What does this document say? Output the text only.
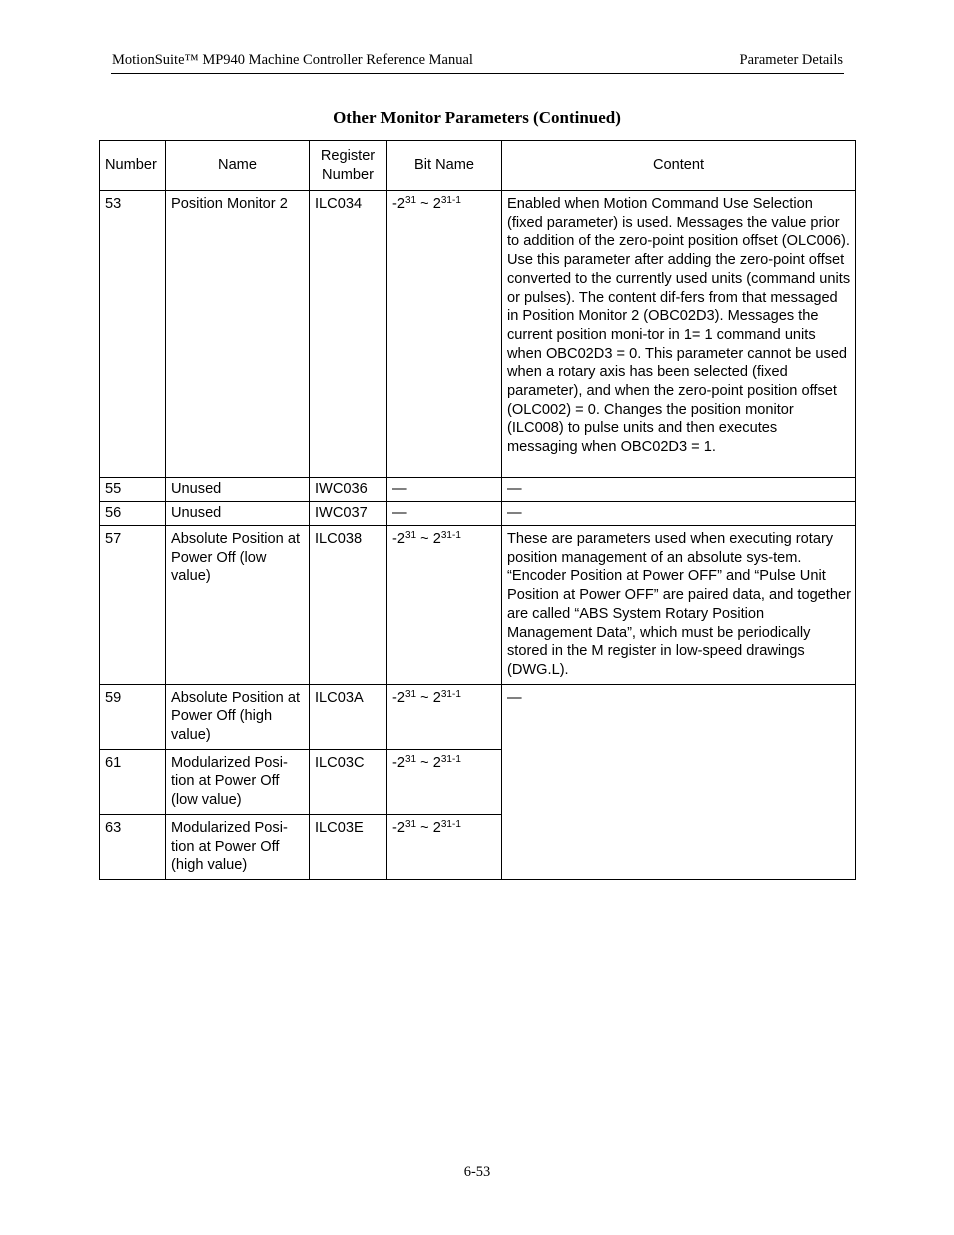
MotionSuite™ MP940 Machine Controller Reference Manual	Parameter Details
Other Monitor Parameters (Continued)
Number	Name	Register Number	Bit Name	Content
53	Position Monitor 2	ILC034	$-2^{31}$ ~ 2$^{31-1}$	Enabled when Motion Command Use Selection (fixed parameter) is used. Messages the value prior to addition of the zero-point position offset (OLC006). Use this parameter after adding the zero-point offset converted to the currently used units (command units or pulses). The content dif-fers from that messaged in Position Monitor 2 (OBC02D3). Messages the current position moni-tor in 1= 1 command units when OBC02D3 = 0. This parameter cannot be used when a rotary axis has been selected (fixed parameter), and when the zero-point position offset (OLC002) = 0. Changes the position monitor (ILC008) to pulse units and then executes messaging when OBC02D3 = 1.
55	Unused	IWC036	—	—
56	Unused	IWC037	—	—
57	Absolute Position at Power Off (low value)	ILC038	$-2^{31}$ ~ 2$^{31-1}$	These are parameters used when executing rotary position management of an absolute sys-tem. “Encoder Position at Power OFF” and “Pulse Unit Position at Power OFF” are paired data, and together are called “ABS System Rotary Position Management Data”, which must be periodically stored in the M register in low-speed drawings (DWG.L).
59	Absolute Position at Power Off (high value)	ILC03A	$-2^{31}$ ~ 2$^{31-1}$	—
61	Modularized Posi-tion at Power Off (low value)	ILC03C	$-2^{31}$ ~ 2$^{31-1}$
63	Modularized Posi-tion at Power Off (high value)	ILC03E	$-2^{31}$ ~ 2$^{31-1}$
6-53
